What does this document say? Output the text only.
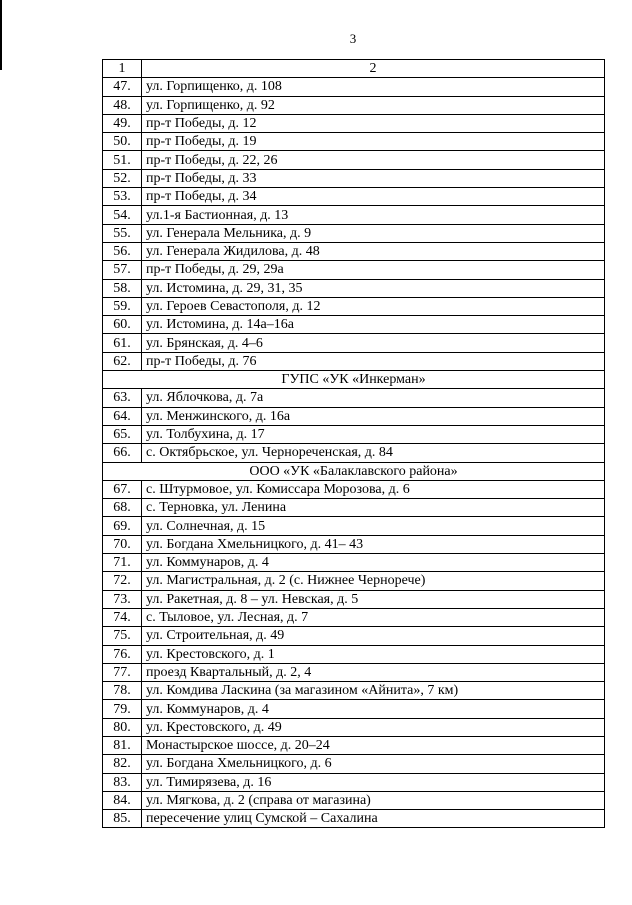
3
1	2
47.	ул. Горпищенко, д. 108
48.	ул. Горпищенко, д. 92
49.	пр-т Победы, д. 12
50.	пр-т Победы, д. 19
51.	пр-т Победы, д. 22, 26
52.	пр-т Победы, д. 33
53.	пр-т Победы, д. 34
54.	ул.1-я Бастионная, д. 13
55.	ул. Генерала Мельника, д. 9
56.	ул. Генерала Жидилова, д. 48
57.	пр-т Победы, д. 29, 29а
58.	ул. Истомина, д. 29, 31, 35
59.	ул. Героев Севастополя, д. 12
60.	ул. Истомина, д. 14а–16а
61.	ул. Брянская, д. 4–6
62.	пр-т Победы, д. 76
ГУПС «УК «Инкерман»	
63.	ул. Яблочкова, д. 7а
64.	ул. Менжинского, д. 16а
65.	ул. Толбухина, д. 17
66.	с. Октябрьское, ул. Чернореченская, д. 84
ООО «УК «Балаклавского района»	
67.	с. Штурмовое, ул. Комиссара Морозова, д. 6
68.	с. Терновка, ул. Ленина
69.	ул. Солнечная, д. 15
70.	ул. Богдана Хмельницкого, д. 41– 43
71.	ул. Коммунаров, д. 4
72.	ул. Магистральная, д. 2 (с. Нижнее Чернорече)
73.	ул. Ракетная, д. 8 – ул. Невская, д. 5
74.	с. Тыловое, ул. Лесная, д. 7
75.	ул. Строительная, д. 49
76.	ул. Крестовского, д. 1
77.	проезд Квартальный, д. 2, 4
78.	ул. Комдива Ласкина (за магазином «Айнита», 7 км)
79.	ул. Коммунаров, д. 4
80.	ул. Крестовского, д. 49
81.	Монастырское шоссе, д. 20–24
82.	ул. Богдана Хмельницкого, д. 6
83.	ул. Тимирязева, д. 16
84.	ул. Мягкова, д. 2 (справа от магазина)
85.	пересечение улиц Сумской – Сахалина
